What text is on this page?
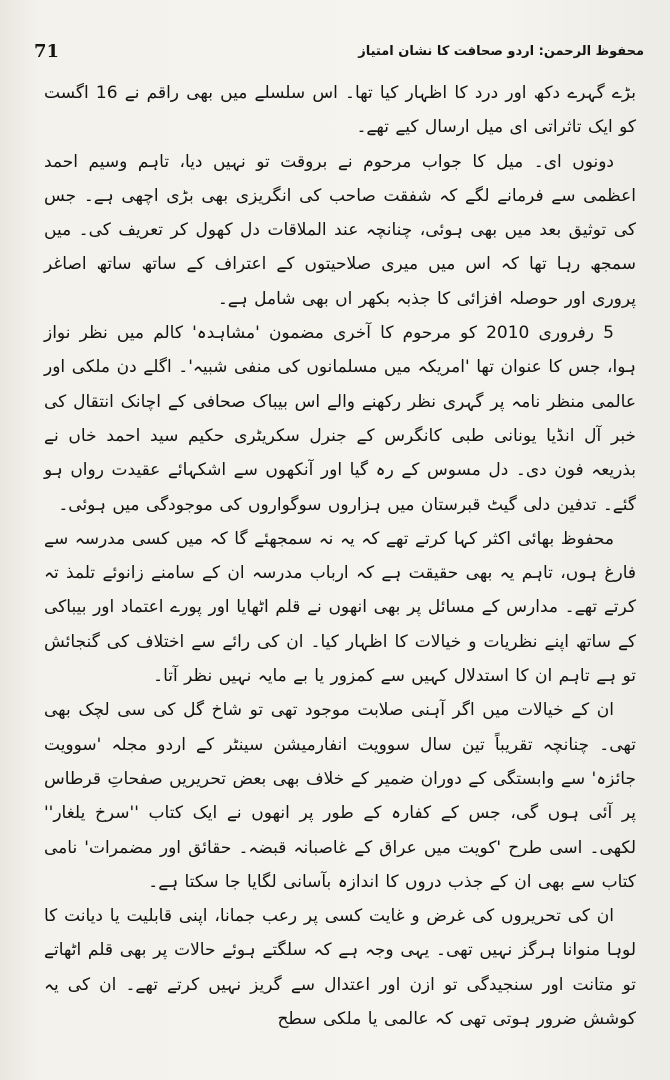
71	محفوظ الرحمن: اردو صحافت کا نشان امتیاز

بڑے گہرے دکھ اور درد کا اظہار کیا تھا۔ اس سلسلے میں بھی راقم نے 16 اگست کو ایک تاثراتی ای میل ارسال کیے تھے۔

دونوں ای۔ میل کا جواب مرحوم نے بروقت تو نہیں دیا، تاہم وسیم احمد اعظمی سے فرمانے لگے کہ شفقت صاحب کی انگریزی بھی بڑی اچھی ہے۔ جس کی توثیق بعد میں بھی ہوئی، چنانچہ عند الملاقات دل کھول کر تعریف کی۔ میں سمجھ رہا تھا کہ اس میں میری صلاحیتوں کے اعتراف کے ساتھ ساتھ اصاغر پروری اور حوصلہ افزائی کا جذبہ بکھر اں بھی شامل ہے۔

5 رفروری 2010 کو مرحوم کا آخری مضمون 'مشاہدہ' کالم میں نظر نواز ہوا، جس کا عنوان تھا 'امریکہ میں مسلمانوں کی منفی شبیہ'۔ اگلے دن ملکی اور عالمی منظر نامہ پر گہری نظر رکھنے والے اس بیباک صحافی کے اچانک انتقال کی خبر آل انڈیا یونانی طبی کانگرس کے جنرل سکریٹری حکیم سید احمد خاں نے بذریعہ فون دی۔ دل مسوس کے رہ گیا اور آنکھوں سے اشکہائے عقیدت رواں ہو گئے۔ تدفین دلی گیٹ قبرستان میں ہزاروں سوگواروں کی موجودگی میں ہوئی۔

محفوظ بھائی اکثر کہا کرتے تھے کہ یہ نہ سمجھئے گا کہ میں کسی مدرسہ سے فارغ ہوں، تاہم یہ بھی حقیقت ہے کہ ارباب مدرسہ ان کے سامنے زانوئے تلمذ تہ کرتے تھے۔ مدارس کے مسائل پر بھی انھوں نے قلم اٹھایا اور پورے اعتماد اور بیباکی کے ساتھ اپنے نظریات و خیالات کا اظہار کیا۔ ان کی رائے سے اختلاف کی گنجائش تو ہے تاہم ان کا استدلال کہیں سے کمزور یا بے مایہ نہیں نظر آتا۔

ان کے خیالات میں اگر آہنی صلابت موجود تھی تو شاخ گل کی سی لچک بھی تھی۔ چنانچہ تقریباً تین سال سوویت انفارمیشن سینٹر کے اردو مجلہ 'سوویت جائزہ' سے وابستگی کے دوران ضمیر کے خلاف بھی بعض تحریریں صفحاتِ قرطاس پر آئی ہوں گی، جس کے کفارہ کے طور پر انھوں نے ایک کتاب ''سرخ یلغار'' لکھی۔ اسی طرح 'کویت میں عراق کے غاصبانہ قبضہ۔ حقائق اور مضمرات' نامی کتاب سے بھی ان کے جذب دروں کا اندازہ بآسانی لگایا جا سکتا ہے۔

ان کی تحریروں کی غرض و غایت کسی پر رعب جمانا، اپنی قابلیت یا دیانت کا لوہا منوانا ہرگز نہیں تھی۔ یہی وجہ ہے کہ سلگتے ہوئے حالات پر بھی قلم اٹھاتے تو متانت اور سنجیدگی تو ازن اور اعتدال سے گریز نہیں کرتے تھے۔ ان کی یہ کوشش ضرور ہوتی تھی کہ عالمی یا ملکی سطح
